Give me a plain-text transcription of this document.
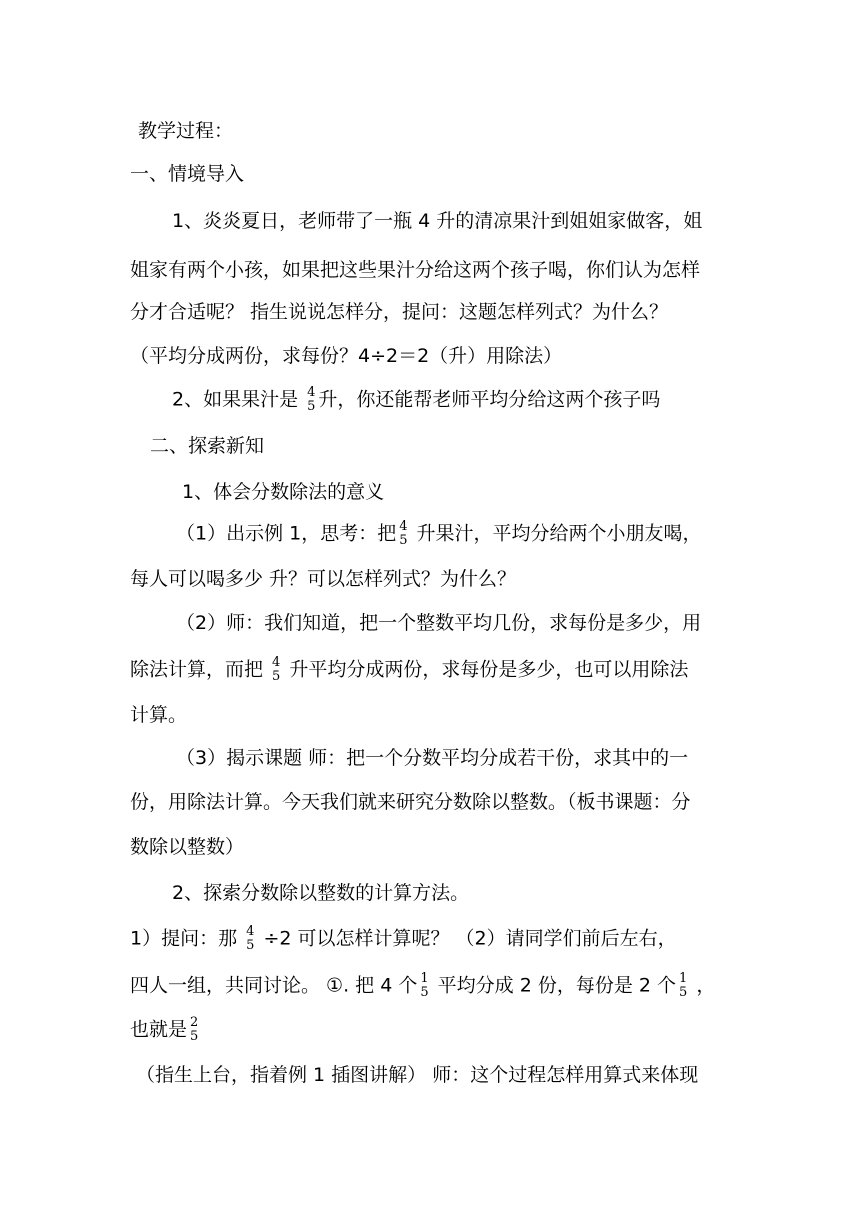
教学过程：
一、情境导入
1、炎炎夏日，老师带了一瓶 4 升的清凉果汁到姐姐家做客，姐
姐家有两个小孩，如果把这些果汁分给这两个孩子喝，你们认为怎样
分才合适呢？ 指生说说怎样分，提问：这题怎样列式？为什么？
（平均分成两份，求每份？4÷2＝2（升）用除法）
2、如果果汁是 4
5 升，你还能帮老师平均分给这两个孩子吗
二、探索新知
1、体会分数除法的意义
（1）出示例 1，思考：把 4
5 升果汁，平均分给两个小朋友喝，
每人可以喝多少 升？可以怎样列式？为什么？
（2）师：我们知道，把一个整数平均几份，求每份是多少，用
除法计算，而把 4
5 升平均分成两份，求每份是多少，也可以用除法
计算。
（3）揭示课题 师：把一个分数平均分成若干份，求其中的一
份，用除法计算。今天我们就来研究分数除以整数。（板书课题：分
数除以整数）
2、探索分数除以整数的计算方法。
1）提问：那 4
5 ÷2 可以怎样计算呢？ （2）请同学们前后左右，
四人一组，共同讨论。 ①. 把 4 个 1
5 平均分成 2 份，每份是 2 个 1
5 ，
也就是 2
5
（指生上台，指着例 1 插图讲解） 师：这个过程怎样用算式来体现
